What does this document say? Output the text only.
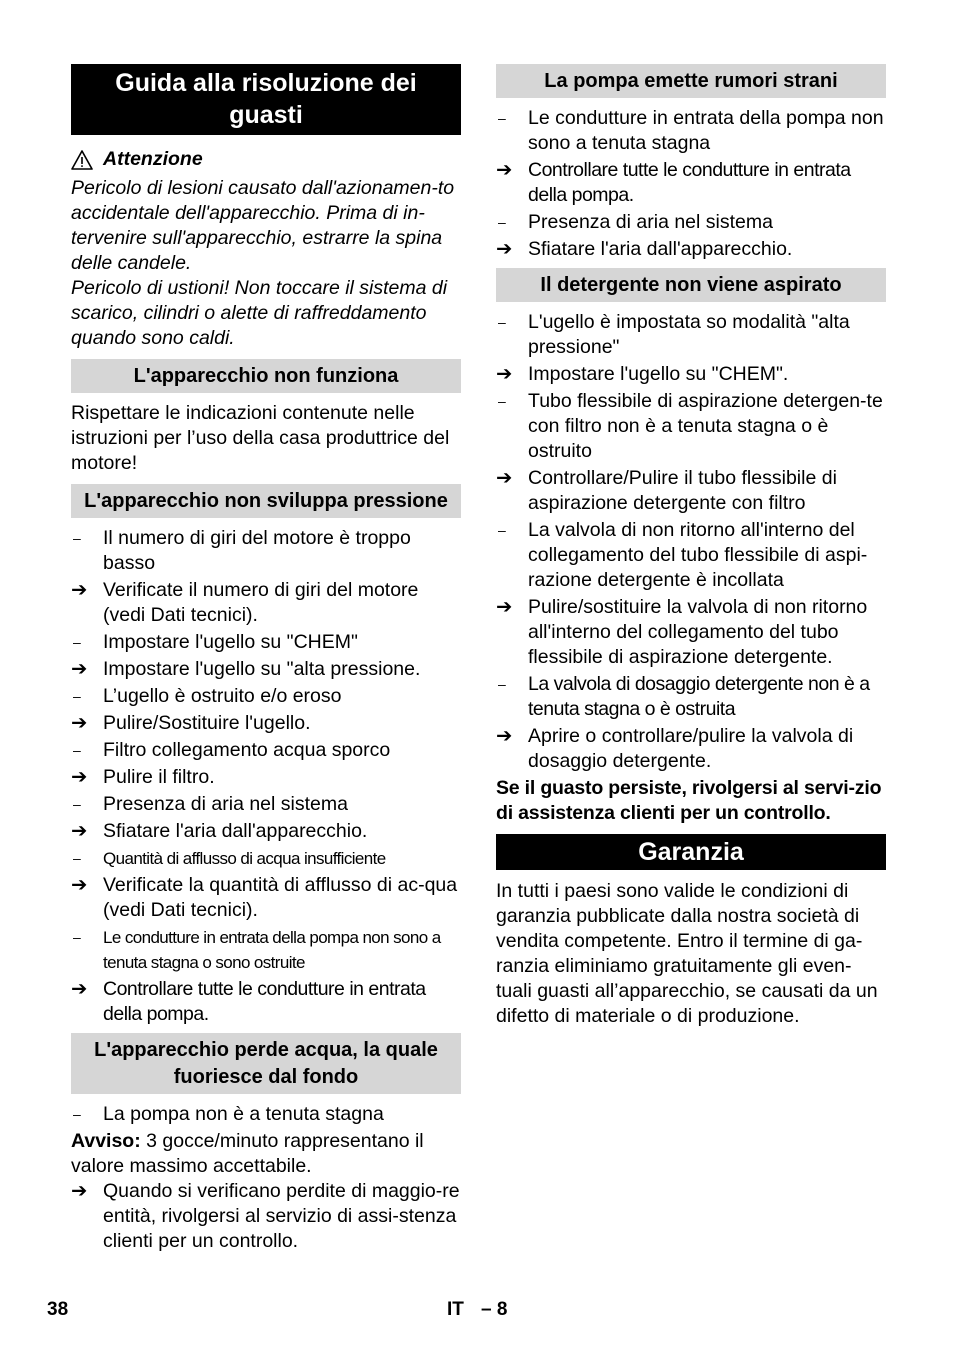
Guida alla risoluzione dei guasti
Attenzione

Pericolo di lesioni causato dall'azionamen-to accidentale dell'apparecchio. Prima di in-tervenire sull'apparecchio, estrarre la spina delle candele.

Pericolo di ustioni! Non toccare il sistema di scarico, cilindri o alette di raffreddamento quando sono caldi.

L'apparecchio non funziona

Rispettare le indicazioni contenute nelle istruzioni per l’uso della casa produttrice del motore!

L'apparecchio non sviluppa pressione
–	Il numero di giri del motore è troppo basso
➔ Verificate il numero di giri del motore (vedi Dati tecnici).
–	Impostare l'ugello su "CHEM"
➔ Impostare l'ugello su "alta pressione.
–	L’ugello è ostruito e/o eroso
➔ Pulire/Sostituire l'ugello.
–	Filtro collegamento acqua sporco
➔ Pulire il filtro.
–	Presenza di aria nel sistema
➔ Sfiatare l'aria dall'apparecchio.
–	Quantità di afflusso di acqua insufficiente
➔ Verificate la quantità di afflusso di ac-qua (vedi Dati tecnici).
–	Le condutture in entrata della pompa non sono a tenuta stagna o sono ostruite
➔ Controllare tutte le condutture in entrata della pompa.
L'apparecchio perde acqua, la quale fuoriesce dal fondo
–	La pompa non è a tenuta stagna

Avviso: 3 gocce/minuto rappresentano il valore massimo accettabile.

➔ Quando si verificano perdite di maggio-re entità, rivolgersi al servizio di assi-stenza clienti per un controllo.
La pompa emette rumori strani
–	Le condutture in entrata della pompa non sono a tenuta stagna
➔ Controllare tutte le condutture in entrata della pompa.
–	Presenza di aria nel sistema
➔ Sfiatare l'aria dall'apparecchio.
Il detergente non viene aspirato
–	L'ugello è impostata so modalità "alta pressione"
➔ Impostare l'ugello su "CHEM".
–	Tubo flessibile di aspirazione detergen-te con filtro non è a tenuta stagna o è ostruito
➔ Controllare/Pulire il tubo flessibile di aspirazione detergente con filtro
–	La valvola di non ritorno all'interno del collegamento del tubo flessibile di aspi-razione detergente è incollata
➔ Pulire/sostituire la valvola di non ritorno all'interno del collegamento del tubo flessibile di aspirazione detergente.
–	La valvola di dosaggio detergente non è a tenuta stagna o è ostruita
➔ Aprire o controllare/pulire la valvola di dosaggio detergente.

Se il guasto persiste, rivolgersi al servi-zio di assistenza clienti per un controllo.

Garanzia

In tutti i paesi sono valide le condizioni di garanzia pubblicate dalla nostra società di vendita competente. Entro il termine di ga-ranzia eliminiamo gratuitamente gli even-tuali guasti all’apparecchio, se causati da un difetto di materiale o di produzione.

38	IT – 8
